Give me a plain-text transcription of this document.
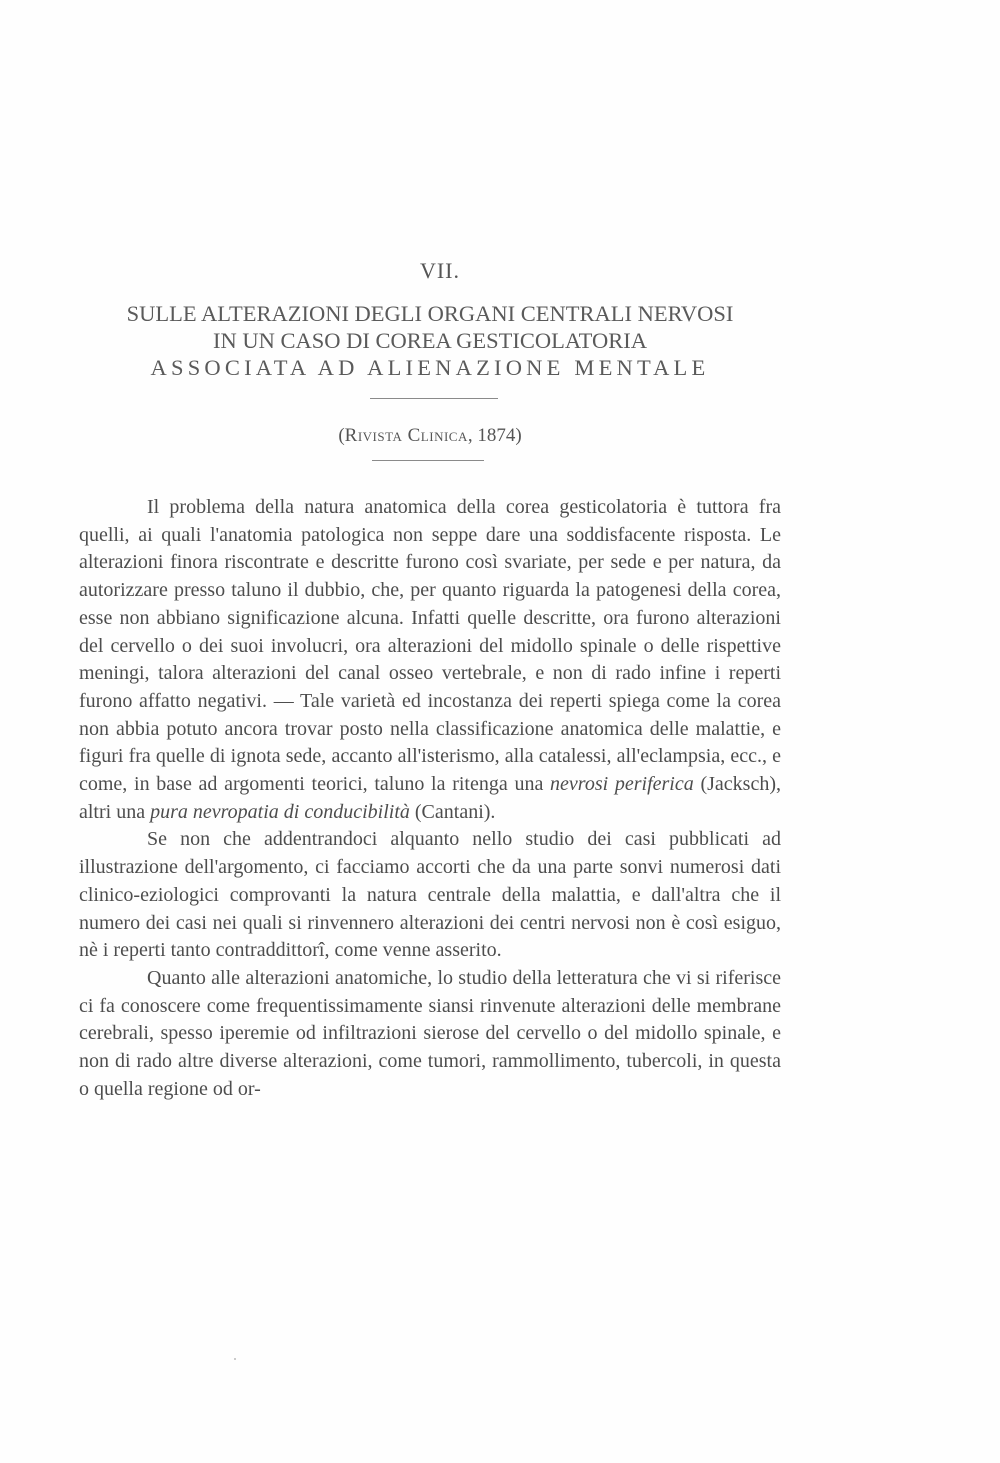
VII.
SULLE ALTERAZIONI DEGLI ORGANI CENTRALI NERVOSI
IN UN CASO DI COREA GESTICOLATORIA
ASSOCIATA AD ALIENAZIONE MENTALE
(Rivista Clinica, 1874)

Il problema della natura anatomica della corea gesticolatoria è tuttora fra quelli, ai quali l'anatomia patologica non seppe dare una soddisfacente risposta. Le alterazioni finora riscontrate e descritte furono così svariate, per sede e per natura, da autorizzare presso taluno il dubbio, che, per quanto riguarda la patogenesi della corea, esse non abbiano significazione alcuna. Infatti quelle descritte, ora furono alterazioni del cervello o dei suoi involucri, ora alterazioni del midollo spinale o delle rispettive meningi, talora alterazioni del canal osseo vertebrale, e non di rado infine i reperti furono affatto negativi. — Tale varietà ed incostanza dei reperti spiega come la corea non abbia potuto ancora trovar posto nella classificazione anatomica delle malattie, e figuri fra quelle di ignota sede, accanto all'isterismo, alla catalessi, all'eclampsia, ecc., e come, in base ad argomenti teorici, taluno la ritenga una nevrosi periferica (Jacksch), altri una pura nevropatia di conducibilità (Cantani).

Se non che addentrandoci alquanto nello studio dei casi pubblicati ad illustrazione dell'argomento, ci facciamo accorti che da una parte sonvi numerosi dati clinico-eziologici comprovanti la natura centrale della malattia, e dall'altra che il numero dei casi nei quali si rinvennero alterazioni dei centri nervosi non è così esiguo, nè i reperti tanto contraddittorî, come venne asserito.

Quanto alle alterazioni anatomiche, lo studio della letteratura che vi si riferisce ci fa conoscere come frequentissimamente siansi rinvenute alterazioni delle membrane cerebrali, spesso iperemie od infiltrazioni sierose del cervello o del midollo spinale, e non di rado altre diverse alterazioni, come tumori, rammollimento, tubercoli, in questa o quella regione od or-
